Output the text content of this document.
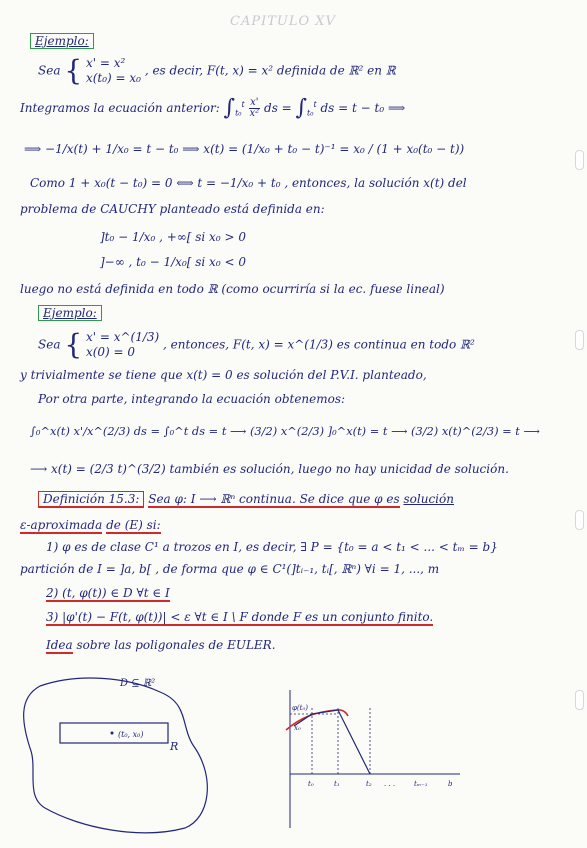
CAPITULO XV
Ejemplo:
Sea { x' = x²
x(t₀) = x₀
, es decir, F(t, x) = x² definida de ℝ² en ℝ
Integramos la ecuación anterior: $\int_{t_0}^t \frac{x'}{\text{x²}}$ ds = $\int_{t_0}^t$ ds = t − t₀ ⟹
⟹ −1/x(t) + 1/x₀ = t − t₀ ⟹ x(t) = (1/x₀ + t₀ − t)⁻¹ = x₀ / (1 + x₀(t₀ − t))
Como 1 + x₀(t − t₀) = 0 ⟺ t = −1/x₀ + t₀ , entonces, la solución x(t) del
problema de CAUCHY planteado está definida en:
]t₀ − 1/x₀ , +∞[ si x₀ > 0
]−∞ , t₀ − 1/x₀[ si x₀ < 0
luego no está definida en todo ℝ (como ocurriría si la ec. fuese lineal)
Ejemplo:
Sea { x' = x^(1/3)
x(0) = 0
, entonces, F(t, x) = x^(1/3) es continua en todo ℝ²
y trivialmente se tiene que x(t) = 0 es solución del P.V.I. planteado,
Por otra parte, integrando la ecuación obtenemos:
∫₀^x(t) x'/x^(2/3) ds = ∫₀^t ds = t ⟶ (3/2) x^(2/3) ]₀^x(t) = t ⟶ (3/2) x(t)^(2/3) = t ⟶
⟶ x(t) = (2/3 t)^(3/2) también es solución, luego no hay unicidad de solución.
Definición 15.3: Sea φ: I ⟶ ℝⁿ continua. Se dice que φ es solución
ε-aproximada de (E) si:
1) φ es de clase C¹ a trozos en I, es decir, ∃ P = {t₀ = a < t₁ < ... < tₘ = b}
partición de I = ]a, b[ , de forma que φ ∈ C¹(]tᵢ₋₁, tᵢ[, ℝⁿ) ∀i = 1, ..., m
2) (t, φ(t)) ∈ D ∀t ∈ I
3) |φ'(t) − F(t, φ(t))| < ε ∀t ∈ I \ F donde F es un conjunto finito.
Idea sobre las poligonales de EULER.
(t₀, x₀)
R
D ⊆ ℝ²
φ(t₀)
x₀
t₀	t₁	t₂ . . .	tₘ₋₁	b
